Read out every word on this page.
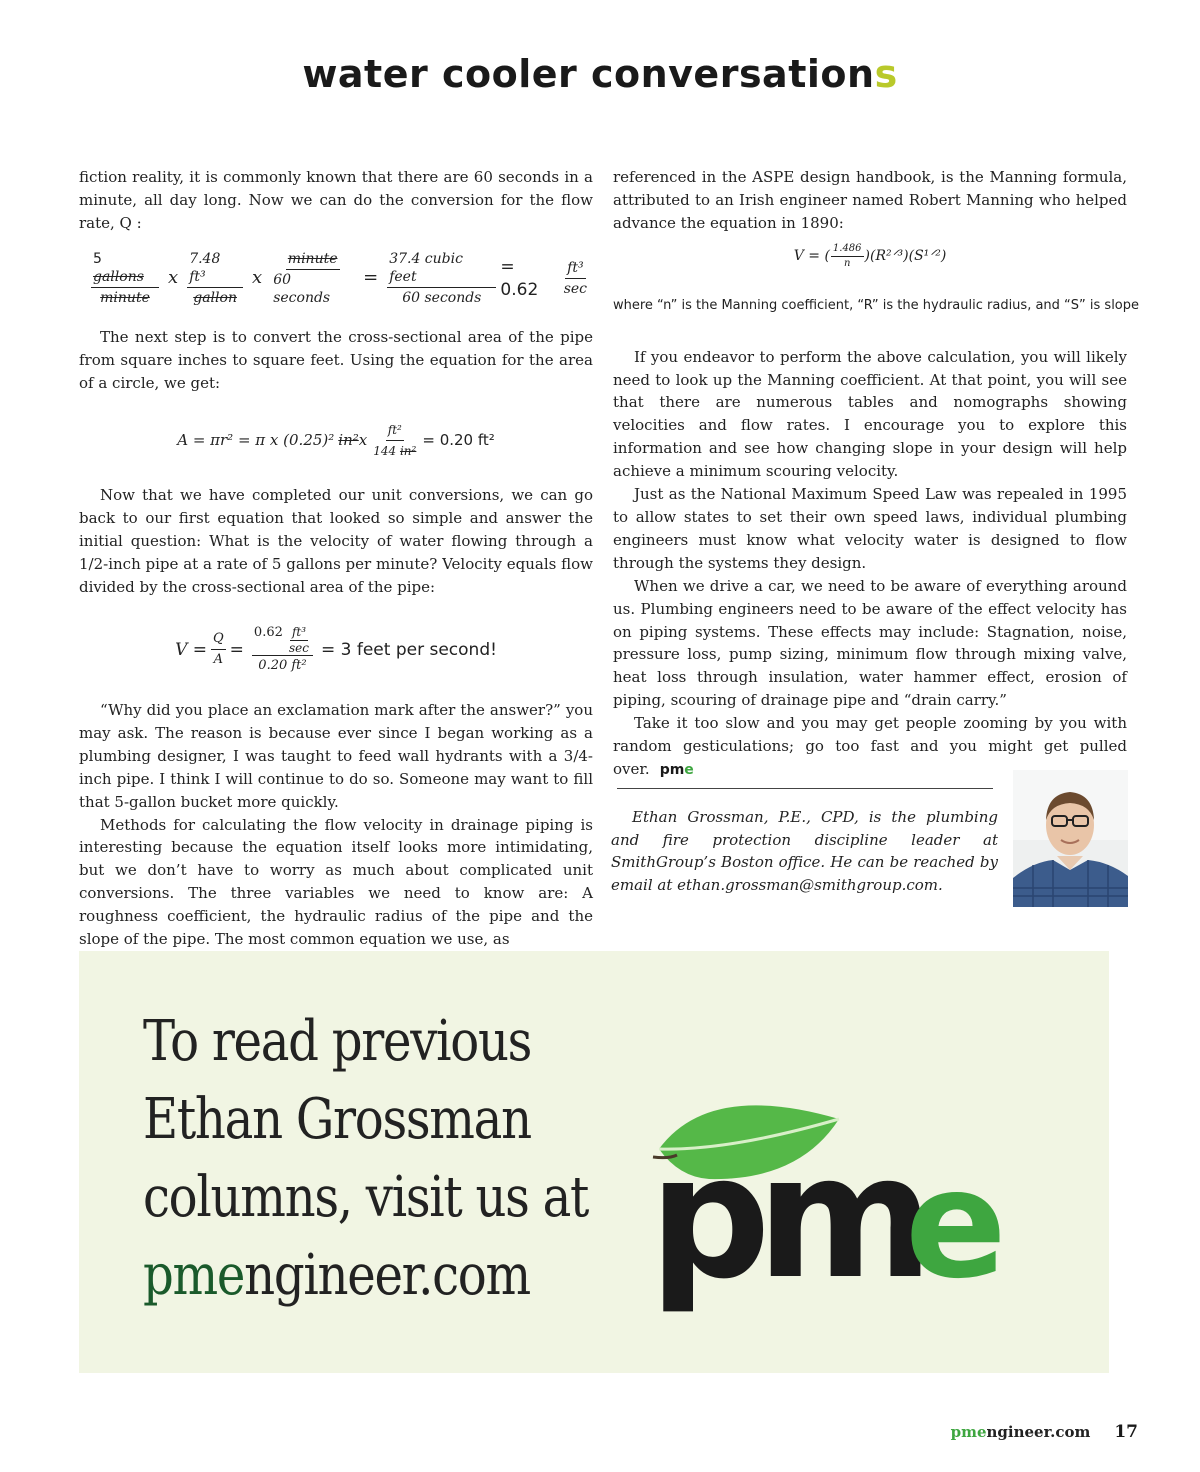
water cooler conversations

fiction reality, it is commonly known that there are 60 seconds in a minute, all day long. Now we can do the conversion for the flow rate, Q :

$\frac{\text{5 gallons}}{\text{minute}}$ x $\frac{\text{7.48 ft³}}{\text{gallon}}$ x $\frac{\text{minute}}{\text{60 seconds}} = \frac{\text{37.4 cubic feet}}{\text{60 seconds}} = 0.62$	$\frac{\text{ft³}}{\sec}$

The next step is to convert the cross-sectional area of the pipe from square inches to square feet. Using the equation for the area of a circle, we get:

A = πr² = π x (0.25)² in² x $\frac{\text{ft²}}{\text{144 in²}} = 0.20$ ft²

Now that we have completed our unit conversions, we can go back to our first equation that looked so simple and answer the initial question: What is the velocity of water flowing through a 1/2-inch pipe at a rate of 5 gallons per minute? Velocity equals flow divided by the cross-sectional area of the pipe:

$V = \frac{Q}{A} = \frac{0.62 \frac{\text{ft³}}{\sec}}{\text{0.20 ft²}} = 3$ feet per second!

“Why did you place an exclamation mark after the answer?” you may ask. The reason is because ever since I began working as a plumbing designer, I was taught to feed wall hydrants with a 3/4-inch pipe. I think I will continue to do so. Someone may want to fill that 5-gallon bucket more quickly.

Methods for calculating the flow velocity in drainage piping is interesting because the equation itself looks more intimidating, but we don’t have to worry as much about complicated unit conversions. The three variables we need to know are: A roughness coefficient, the hydraulic radius of the pipe and the slope of the pipe. The most common equation we use, as

referenced in the ASPE design handbook, is the Manning formula, attributed to an Irish engineer named Robert Manning who helped advance the equation in 1890:

V = ( $\frac{1.486}{n}$ )(R²ᐟ³)(S¹ᐟ²)

where “n” is the Manning coefficient, “R” is the hydraulic radius, and “S” is slope

If you endeavor to perform the above calculation, you will likely need to look up the Manning coefficient. At that point, you will see that there are numerous tables and nomographs showing velocities and flow rates. I encourage you to explore this information and see how changing slope in your design will help achieve a minimum scouring velocity.

Just as the National Maximum Speed Law was repealed in 1995 to allow states to set their own speed laws, individual plumbing engineers must know what velocity water is designed to flow through the systems they design.

When we drive a car, we need to be aware of everything around us. Plumbing engineers need to be aware of the effect velocity has on piping systems. These effects may include: Stagnation, noise, pressure loss, pump sizing, minimum flow through mixing valve, heat loss through insulation, water hammer effect, erosion of piping, scouring of drainage pipe and “drain carry.”

Take it too slow and you may get people zooming by you with random gesticulations; go too fast and you might get pulled over. pme

Ethan Grossman, P.E., CPD, is the plumbing and fire protection discipline leader at SmithGroup’s Boston office. He can be reached by email at ethan.grossman@smithgroup.com.

To read previous
Ethan Grossman
columns, visit us at
pmengineer.com pm
e
pmengineer.com 17
